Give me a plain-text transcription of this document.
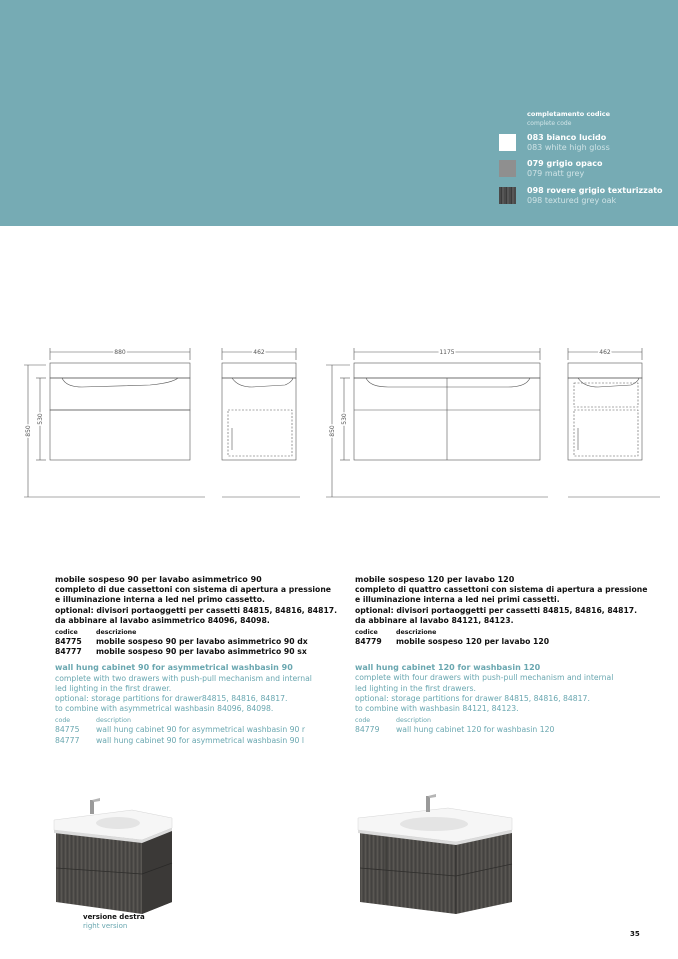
completamento codice
complete code
083 bianco lucido
083 white high gloss
079 grigio opaco
079 matt grey
098 rovere grigio texturizzato
098 textured grey oak
880	462	1175	462
850
530
850
530
mobile sospeso 90 per lavabo asimmetrico 90
completo di due cassettoni con sistema di apertura a pressione
e illuminazione interna a led nel primo cassetto.
optional: divisori portaoggetti per cassetti 84815, 84816, 84817.
da abbinare al lavabo asimmetrico 84096, 84098.
codice	descrizione
84775	mobile sospeso 90 per lavabo asimmetrico 90 dx
84777	mobile sospeso 90 per lavabo asimmetrico 90 sx
wall hung cabinet 90 for asymmetrical washbasin 90
complete with two drawers with push-pull mechanism and internal
led lighting in the first drawer.
optional: storage partitions for drawer84815, 84816, 84817.
to combine with asymmetrical washbasin 84096, 84098.
code	description
84775	wall hung cabinet 90 for asymmetrical washbasin 90 r
84777	wall hung cabinet 90 for asymmetrical washbasin 90 l
mobile sospeso 120 per lavabo 120
completo di quattro cassettoni con sistema di apertura a pressione
e illuminazione interna a led nei primi cassetti.
optional: divisori portaoggetti per cassetti 84815, 84816, 84817.
da abbinare al lavabo 84121, 84123.
codice	descrizione
84779	mobile sospeso 120 per lavabo 120
wall hung cabinet 120 for washbasin 120
complete with four drawers with push-pull mechanism and internal
led lighting in the first drawers.
optional: storage partitions for drawer 84815, 84816, 84817.
to combine with washbasin 84121, 84123.
code	description
84779	wall hung cabinet 120 for washbasin 120
versione destra
right version
35
